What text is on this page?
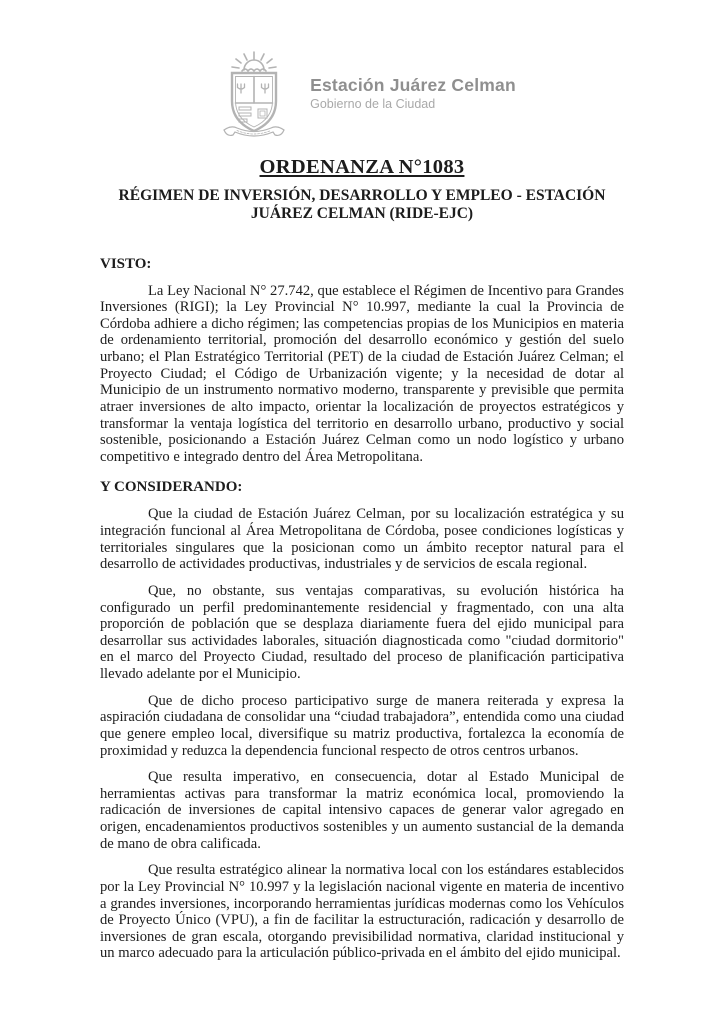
Estación Juárez Celman
Gobierno de la Ciudad
ORDENANZA N°1083
RÉGIMEN DE INVERSIÓN, DESARROLLO Y EMPLEO - ESTACIÓN
JUÁREZ CELMAN (RIDE-EJC)
VISTO:

La Ley Nacional N° 27.742, que establece el Régimen de Incentivo para Grandes Inversiones (RIGI); la Ley Provincial N° 10.997, mediante la cual la Provincia de Córdoba adhiere a dicho régimen; las competencias propias de los Municipios en materia de ordenamiento territorial, promoción del desarrollo económico y gestión del suelo urbano; el Plan Estratégico Territorial (PET) de la ciudad de Estación Juárez Celman; el Proyecto Ciudad; el Código de Urbanización vigente; y la necesidad de dotar al Municipio de un instrumento normativo moderno, transparente y previsible que permita atraer inversiones de alto impacto, orientar la localización de proyectos estratégicos y transformar la ventaja logística del territorio en desarrollo urbano, productivo y social sostenible, posicionando a Estación Juárez Celman como un nodo logístico y urbano competitivo e integrado dentro del Área Metropolitana.

Y CONSIDERANDO:

Que la ciudad de Estación Juárez Celman, por su localización estratégica y su integración funcional al Área Metropolitana de Córdoba, posee condiciones logísticas y territoriales singulares que la posicionan como un ámbito receptor natural para el desarrollo de actividades productivas, industriales y de servicios de escala regional.

Que, no obstante, sus ventajas comparativas, su evolución histórica ha configurado un perfil predominantemente residencial y fragmentado, con una alta proporción de población que se desplaza diariamente fuera del ejido municipal para desarrollar sus actividades laborales, situación diagnosticada como "ciudad dormitorio" en el marco del Proyecto Ciudad, resultado del proceso de planificación participativa llevado adelante por el Municipio.

Que de dicho proceso participativo surge de manera reiterada y expresa la aspiración ciudadana de consolidar una “ciudad trabajadora”, entendida como una ciudad que genere empleo local, diversifique su matriz productiva, fortalezca la economía de proximidad y reduzca la dependencia funcional respecto de otros centros urbanos.

Que resulta imperativo, en consecuencia, dotar al Estado Municipal de herramientas activas para transformar la matriz económica local, promoviendo la radicación de inversiones de capital intensivo capaces de generar valor agregado en origen, encadenamientos productivos sostenibles y un aumento sustancial de la demanda de mano de obra calificada.

Que resulta estratégico alinear la normativa local con los estándares establecidos por la Ley Provincial N° 10.997 y la legislación nacional vigente en materia de incentivo a grandes inversiones, incorporando herramientas jurídicas modernas como los Vehículos de Proyecto Único (VPU), a fin de facilitar la estructuración, radicación y desarrollo de inversiones de gran escala, otorgando previsibilidad normativa, claridad institucional y un marco adecuado para la articulación público-privada en el ámbito del ejido municipal.
